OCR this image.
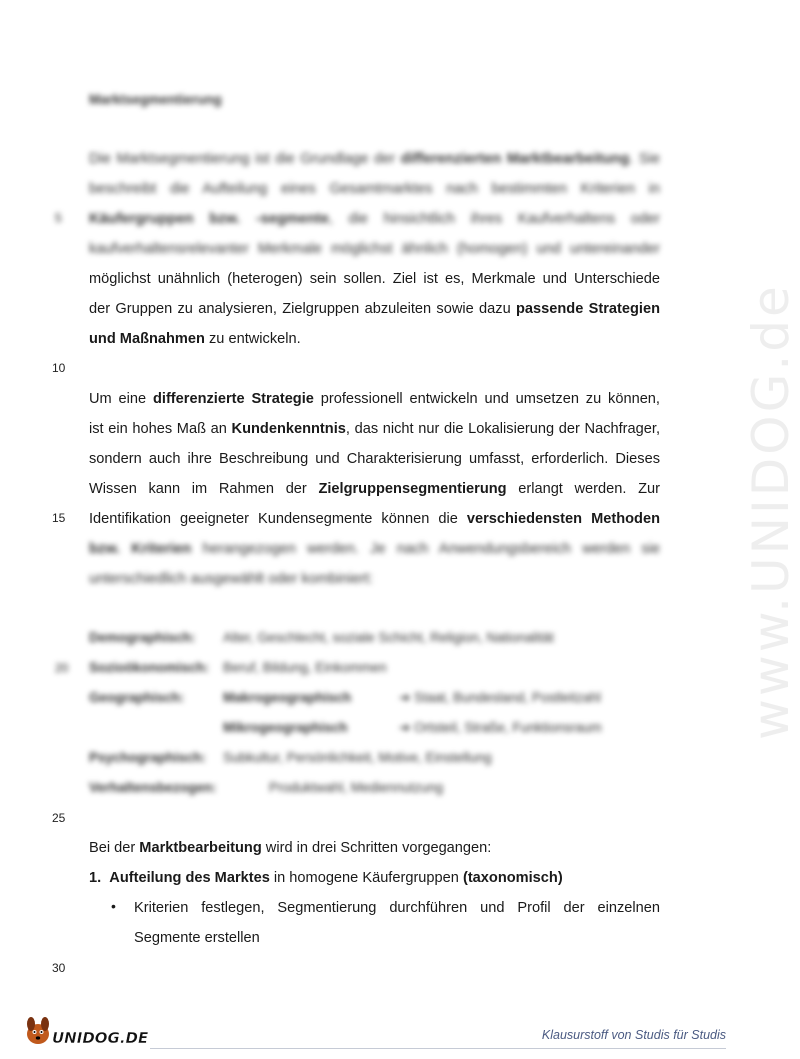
www.UNIDOG.de
Marktsegmentierung
Die Marktsegmentierung ist die Grundlage der differenzierten Marktbearbeitung. Sie
beschreibt die Aufteilung eines Gesamtmarktes nach bestimmten Kriterien in
Käufergruppen bzw. -segmente, die hinsichtlich ihres Kaufverhaltens oder
kaufverhaltensrelevanter Merkmale möglichst ähnlich (homogen) und untereinander
möglichst unähnlich (heterogen) sein sollen. Ziel ist es, Merkmale und Unterschiede
der Gruppen zu analysieren, Zielgruppen abzuleiten sowie dazu passende Strategien
und Maßnahmen zu entwickeln.
Um eine differenzierte Strategie professionell entwickeln und umsetzen zu können,
ist ein hohes Maß an Kundenkenntnis, das nicht nur die Lokalisierung der Nachfrager,
sondern auch ihre Beschreibung und Charakterisierung umfasst, erforderlich. Dieses
Wissen kann im Rahmen der Zielgruppensegmentierung erlangt werden. Zur
Identifikation geeigneter Kundensegmente können die verschiedensten Methoden
bzw. Kriterien herangezogen werden. Je nach Anwendungsbereich werden sie
unterschiedlich ausgewählt oder kombiniert:
Demographisch: Alter, Geschlecht, soziale Schicht, Religion, Nationalität
Sozioökonomisch: Beruf, Bildung, Einkommen
Geographisch:	Makrogeographisch	➔ Staat, Bundesland, Postleitzahl
Mikrogeographisch	➔ Ortsteil, Straße, Funktionsraum
Psychographisch: Subkultur, Persönlichkeit, Motive, Einstellung
Verhaltensbezogen:	Produktwahl, Mediennutzung
Bei der Marktbearbeitung wird in drei Schritten vorgegangen:
1. Aufteilung des Marktes in homogene Käufergruppen (taxonomisch)
• Kriterien festlegen, Segmentierung durchführen und Profil der einzelnen
Segmente erstellen
5
10
15
20
25
30
UNIDOG.DE	Klausurstoff von Studis für Studis
